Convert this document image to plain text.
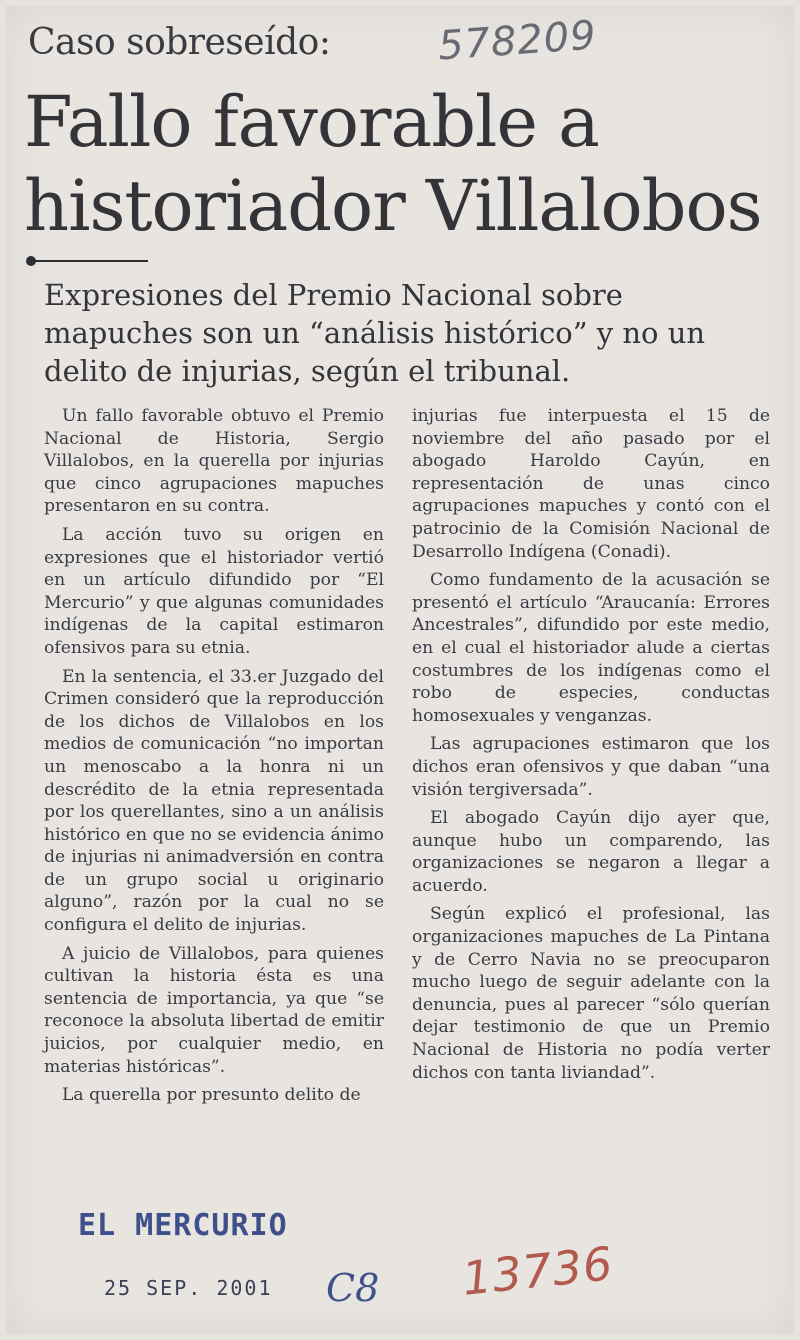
578209
Caso sobreseído:
Fallo favorable a historiador Villalobos
Expresiones del Premio Nacional sobre mapuches son un “análisis histórico” y no un delito de injurias, según el tribunal.

Un fallo favorable obtuvo el Premio Nacional de Historia, Sergio Villalobos, en la querella por injurias que cinco agrupaciones mapuches presentaron en su contra.

La acción tuvo su origen en expresiones que el historiador vertió en un artículo difundido por “El Mercurio” y que algunas comunidades indígenas de la capital estimaron ofensivos para su etnia.

En la sentencia, el 33.er Juzgado del Crimen consideró que la reproducción de los dichos de Villalobos en los medios de comunicación “no importan un menoscabo a la honra ni un descrédito de la etnia representada por los querellantes, sino a un análisis histórico en que no se evidencia ánimo de injurias ni animadversión en contra de un grupo social u originario alguno”, razón por la cual no se configura el delito de injurias.

A juicio de Villalobos, para quienes cultivan la historia ésta es una sentencia de importancia, ya que “se reconoce la absoluta libertad de emitir juicios, por cualquier medio, en materias históricas”.

La querella por presunto delito de

injurias fue interpuesta el 15 de noviembre del año pasado por el abogado Haroldo Cayún, en representación de unas cinco agrupaciones mapuches y contó con el patrocinio de la Comisión Nacional de Desarrollo Indígena (Conadi).

Como fundamento de la acusación se presentó el artículo “Araucanía: Errores Ancestrales”, difundido por este medio, en el cual el historiador alude a ciertas costumbres de los indígenas como el robo de especies, conductas homosexuales y venganzas.

Las agrupaciones estimaron que los dichos eran ofensivos y que daban “una visión tergiversada”.

El abogado Cayún dijo ayer que, aunque hubo un comparendo, las organizaciones se negaron a llegar a acuerdo.

Según explicó el profesional, las organizaciones mapuches de La Pintana y de Cerro Navia no se preocuparon mucho luego de seguir adelante con la denuncia, pues al parecer “sólo querían dejar testimonio de que un Premio Nacional de Historia no podía verter dichos con tanta liviandad”.

EL MERCURIO
25 SEP. 2001 C8 13736
